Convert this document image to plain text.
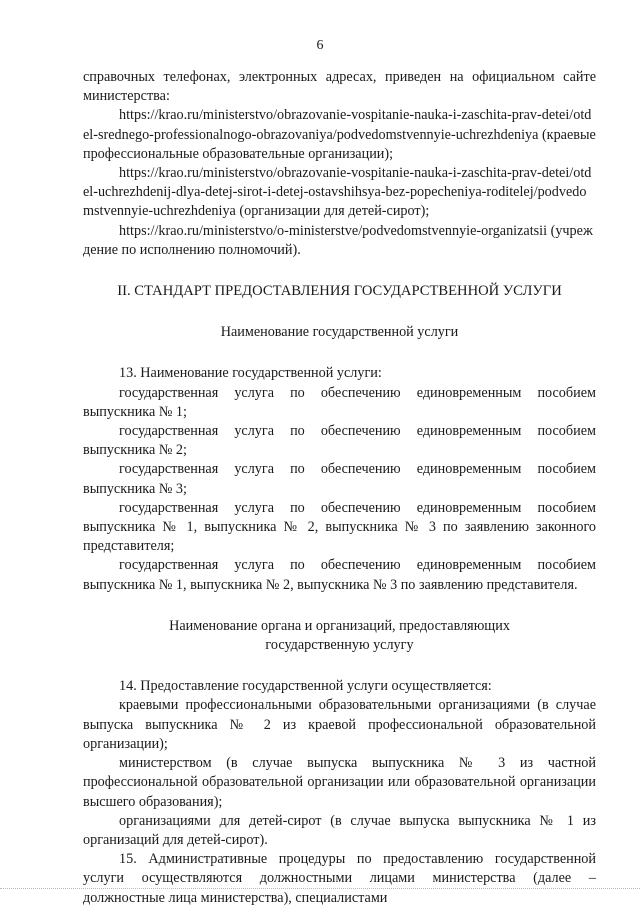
6

справочных телефонах, электронных адресах, приведен на официальном сайте министерства:

https://krao.ru/ministerstvo/obrazovanie-vospitanie-nauka-i-zaschita-prav-detei/otdel-srednego-professionalnogo-obrazovaniya/podvedomstvennyie-uchrezhdeniya (краевые профессиональные образовательные организации);

https://krao.ru/ministerstvo/obrazovanie-vospitanie-nauka-i-zaschita-prav-detei/otdel-uchrezhdenij-dlya-detej-sirot-i-detej-ostavshihsya-bez-popecheniya-roditelej/podvedomstvennyie-uchrezhdeniya (организации для детей-сирот);

https://krao.ru/ministerstvo/o-ministerstve/podvedomstvennyie-organizatsii (учреждение по исполнению полномочий).

II. СТАНДАРТ ПРЕДОСТАВЛЕНИЯ ГОСУДАРСТВЕННОЙ УСЛУГИ

Наименование государственной услуги

13. Наименование государственной услуги:

государственная услуга по обеспечению единовременным пособием выпускника № 1;

государственная услуга по обеспечению единовременным пособием выпускника № 2;

государственная услуга по обеспечению единовременным пособием выпускника № 3;

государственная услуга по обеспечению единовременным пособием выпускника № 1, выпускника № 2, выпускника № 3 по заявлению законного представителя;

государственная услуга по обеспечению единовременным пособием выпускника № 1, выпускника № 2, выпускника № 3 по заявлению представителя.

Наименование органа и организаций, предоставляющих

государственную услугу

14. Предоставление государственной услуги осуществляется:

краевыми профессиональными образовательными организациями (в случае выпуска выпускника № 2 из краевой профессиональной образовательной организации);

министерством (в случае выпуска выпускника № 3 из частной профессиональной образовательной организации или образовательной организации высшего образования);

организациями для детей-сирот (в случае выпуска выпускника № 1 из организаций для детей-сирот).

15. Административные процедуры по предоставлению государственной услуги осуществляются должностными лицами министерства (далее – должностные лица министерства), специалистами
